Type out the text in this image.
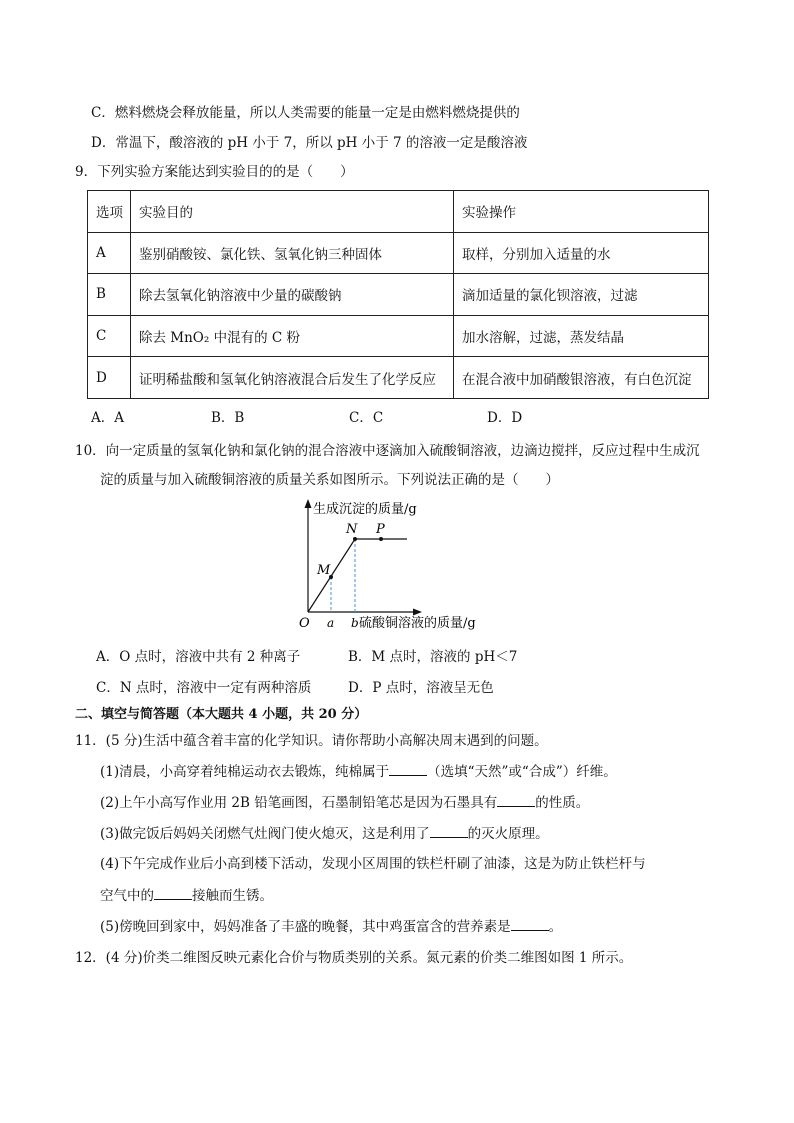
C．燃料燃烧会释放能量，所以人类需要的能量一定是由燃料燃烧提供的
D．常温下，酸溶液的 pH 小于 7，所以 pH 小于 7 的溶液一定是酸溶液
9．下列实验方案能达到实验目的的是（　　）
选项	实验目的	实验操作
A	鉴别硝酸铵、氯化铁、氢氧化钠三种固体	取样，分别加入适量的水
B	除去氢氧化钠溶液中少量的碳酸钠	滴加适量的氯化钡溶液，过滤
C	除去 MnO₂ 中混有的 C 粉	加水溶解，过滤，蒸发结晶
D	证明稀盐酸和氢氧化钠溶液混合后发生了化学反应	在混合液中加硝酸银溶液，有白色沉淀
A．A	B．B	C．C	D．D
10．向一定质量的氢氧化钠和氯化钠的混合溶液中逐滴加入硫酸铜溶液，边滴边搅拌，反应过程中生成沉
淀的质量与加入硫酸铜溶液的质量关系如图所示。下列说法正确的是（　　）
生成沉淀的质量/g
硫酸铜溶液的质量/g
O a b
M
N P
A．O 点时，溶液中共有 2 种离子	B．M 点时，溶液的 pH＜7
C．N 点时，溶液中一定有两种溶质	D．P 点时，溶液呈无色
二、填空与简答题（本大题共 4 小题，共 20 分）
11．(5 分)生活中蕴含着丰富的化学知识。请你帮助小高解决周末遇到的问题。
(1)清晨，小高穿着纯棉运动衣去锻炼，纯棉属于	（选填“天然”或“合成”）纤维。
(2)上午小高写作业用 2B 铅笔画图，石墨制铅笔芯是因为石墨具有	的性质。
(3)做完饭后妈妈关闭燃气灶阀门使火熄灭，这是利用了	的灭火原理。
(4)下午完成作业后小高到楼下活动，发现小区周围的铁栏杆刷了油漆，这是为防止铁栏杆与
空气中的	接触而生锈。
(5)傍晚回到家中，妈妈准备了丰盛的晚餐，其中鸡蛋富含的营养素是	。
12．(4 分)价类二维图反映元素化合价与物质类别的关系。氮元素的价类二维图如图 1 所示。
